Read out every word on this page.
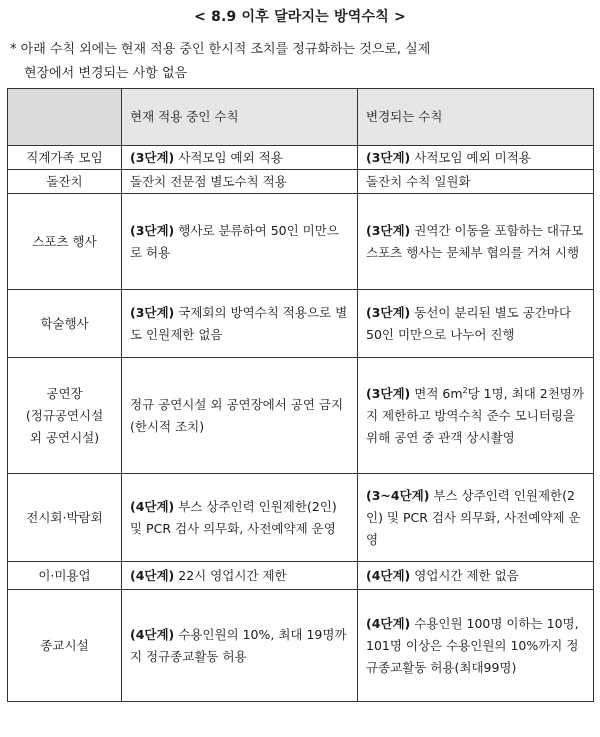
< 8.9 이후 달라지는 방역수칙 >
* 아래 수칙 외에는 현재 적용 중인 한시적 조치를 정규화하는 것으로, 실제
현장에서 변경되는 사항 없음
	현재 적용 중인 수칙	변경되는 수칙
직계가족 모임	(3단계) 사적모임 예외 적용	(3단계) 사적모임 예외 미적용
돌잔치	돌잔치 전문점 별도수칙 적용	돌잔치 수칙 일원화
스포츠 행사	(3단계) 행사로 분류하여 50인 미만으로 허용	(3단계) 권역간 이동을 포함하는 대규모 스포츠 행사는 문체부 협의를 거쳐 시행
학술행사	(3단계) 국제회의 방역수칙 적용으로 별도 인원제한 없음	(3단계) 동선이 분리된 별도 공간마다 50인 미만으로 나누어 진행
공연장
(정규공연시설
외 공연시설)	정규 공연시설 외 공연장에서 공연 금지(한시적 조치)	(3단계) 면적 $6m^2$당 1명, 최대 2천명까지 제한하고 방역수칙 준수 모니터링을 위해 공연 중 관객 상시촬영
전시회·박람회	(4단계) 부스 상주인력 인원제한(2인) 및 PCR 검사 의무화, 사전예약제 운영	(3~4단계) 부스 상주인력 인원제한(2인) 및 PCR 검사 의무화, 사전예약제 운영
이·미용업	(4단계) 22시 영업시간 제한	(4단계) 영업시간 제한 없음
종교시설	(4단계) 수용인원의 10%, 최대 19명까지 정규종교활동 허용	(4단계) 수용인원 100명 이하는 10명, 101명 이상은 수용인원의 10%까지 정규종교활동 허용(최대99명)
